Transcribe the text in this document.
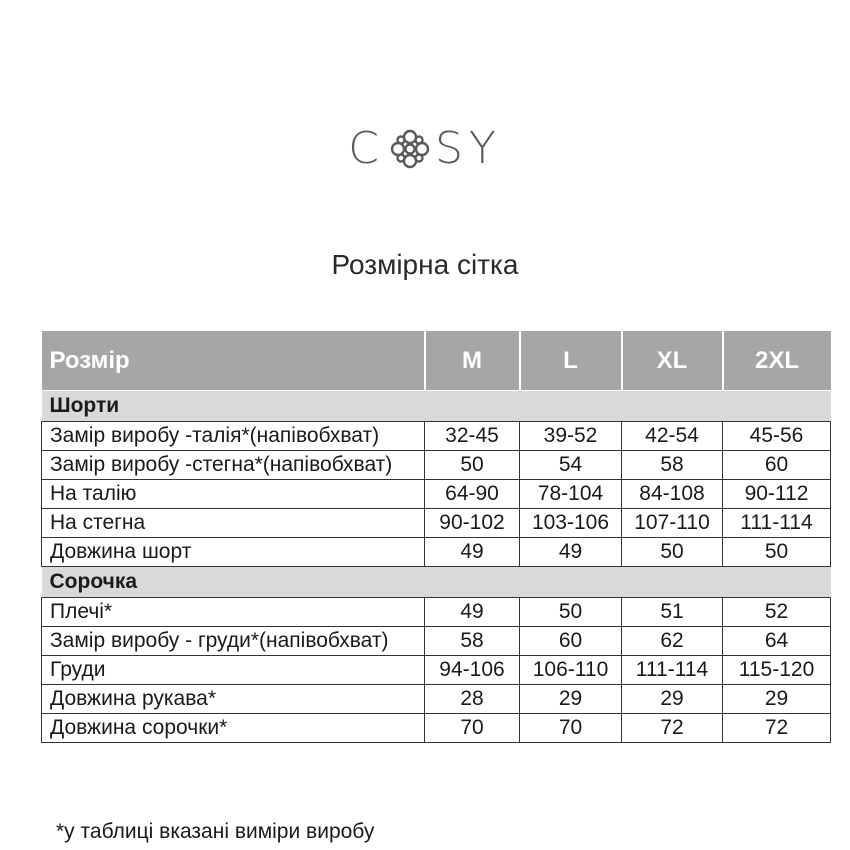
C SY
Розмірна сітка
Розмір	M	L	XL	2XL
Шорти				
Замір виробу -талія*(напівобхват)	32-45	39-52	42-54	45-56
Замір виробу -стегна*(напівобхват)	50	54	58	60
На талію	64-90	78-104	84-108	90-112
На стегна	90-102	103-106	107-110	111-114
Довжина шорт	49	49	50	50
Сорочка				
Плечі*	49	50	51	52
Замір виробу - груди*(напівобхват)	58	60	62	64
Груди	94-106	106-110	111-114	115-120
Довжина рукава*	28	29	29	29
Довжина сорочки*	70	70	72	72
*у таблиці вказані виміри виробу
